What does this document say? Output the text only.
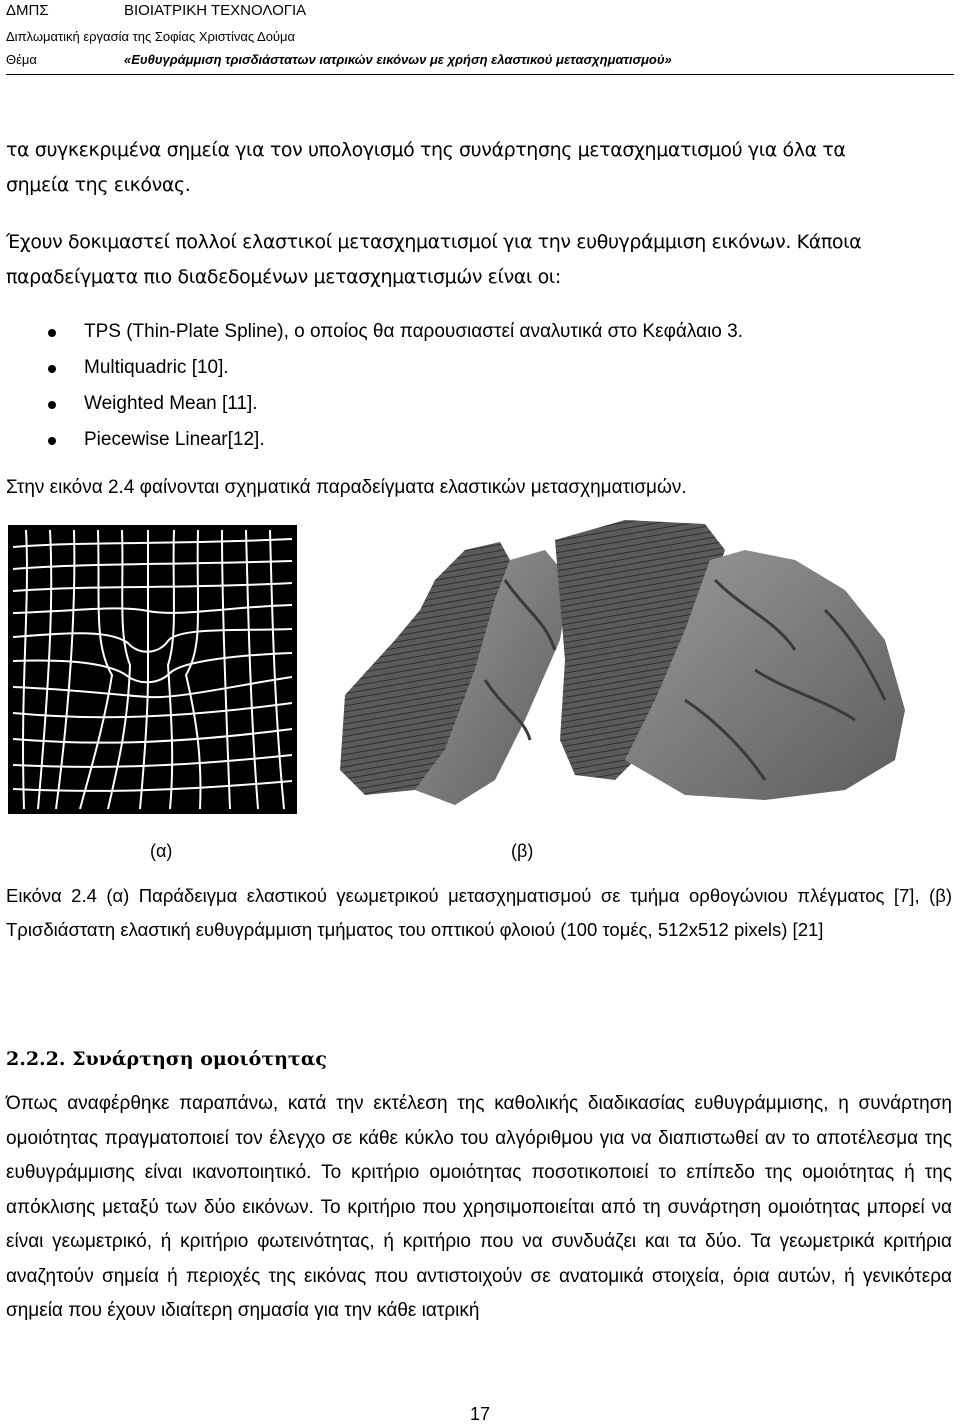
ΔΜΠΣ	ΒΙΟΙΑΤΡΙΚΗ ΤΕΧΝΟΛΟΓΙΑ
Διπλωματική εργασία της Σοφίας Χριστίνας Δούμα
Θέμα	«Ευθυγράμμιση τρισδιάστατων ιατρικών εικόνων με χρήση ελαστικού μετασχηματισμού»
τα συγκεκριμένα σημεία για τον υπολογισμό της συνάρτησης μετασχηματισμού για όλα τα
σημεία της εικόνας.
Έχουν δοκιμαστεί πολλοί ελαστικοί μετασχηματισμοί για την ευθυγράμμιση εικόνων. Κάποια
παραδείγματα πιο διαδεδομένων μετασχηματισμών είναι οι:
TPS (Thin-Plate Spline), ο οποίος θα παρουσιαστεί αναλυτικά στο Κεφάλαιο 3.
Multiquadric [10].
Weighted Mean [11].
Piecewise Linear[12].
Στην εικόνα 2.4 φαίνονται σχηματικά παραδείγματα ελαστικών μετασχηματισμών.
(α)	(β)
Εικόνα 2.4 (α) Παράδειγμα ελαστικού γεωμετρικού μετασχηματισμού σε τμήμα ορθογώνιου πλέγματος [7], (β) Τρισδιάστατη ελαστική ευθυγράμμιση τμήματος του οπτικού φλοιού (100 τομές, 512x512 pixels) [21]
2.2.2. Συνάρτηση ομοιότητας
Όπως αναφέρθηκε παραπάνω, κατά την εκτέλεση της καθολικής διαδικασίας ευθυγράμμισης, η συνάρτηση ομοιότητας πραγματοποιεί τον έλεγχο σε κάθε κύκλο του αλγόριθμου για να διαπιστωθεί αν το αποτέλεσμα της ευθυγράμμισης είναι ικανοποιητικό. Το κριτήριο ομοιότητας ποσοτικοποιεί το επίπεδο της ομοιότητας ή της απόκλισης μεταξύ των δύο εικόνων. Το κριτήριο που χρησιμοποιείται από τη συνάρτηση ομοιότητας μπορεί να είναι γεωμετρικό, ή κριτήριο φωτεινότητας, ή κριτήριο που να συνδυάζει και τα δύο. Τα γεωμετρικά κριτήρια αναζητούν σημεία ή περιοχές της εικόνας που αντιστοιχούν σε ανατομικά στοιχεία, όρια αυτών, ή γενικότερα σημεία που έχουν ιδιαίτερη σημασία για την κάθε ιατρική
17
